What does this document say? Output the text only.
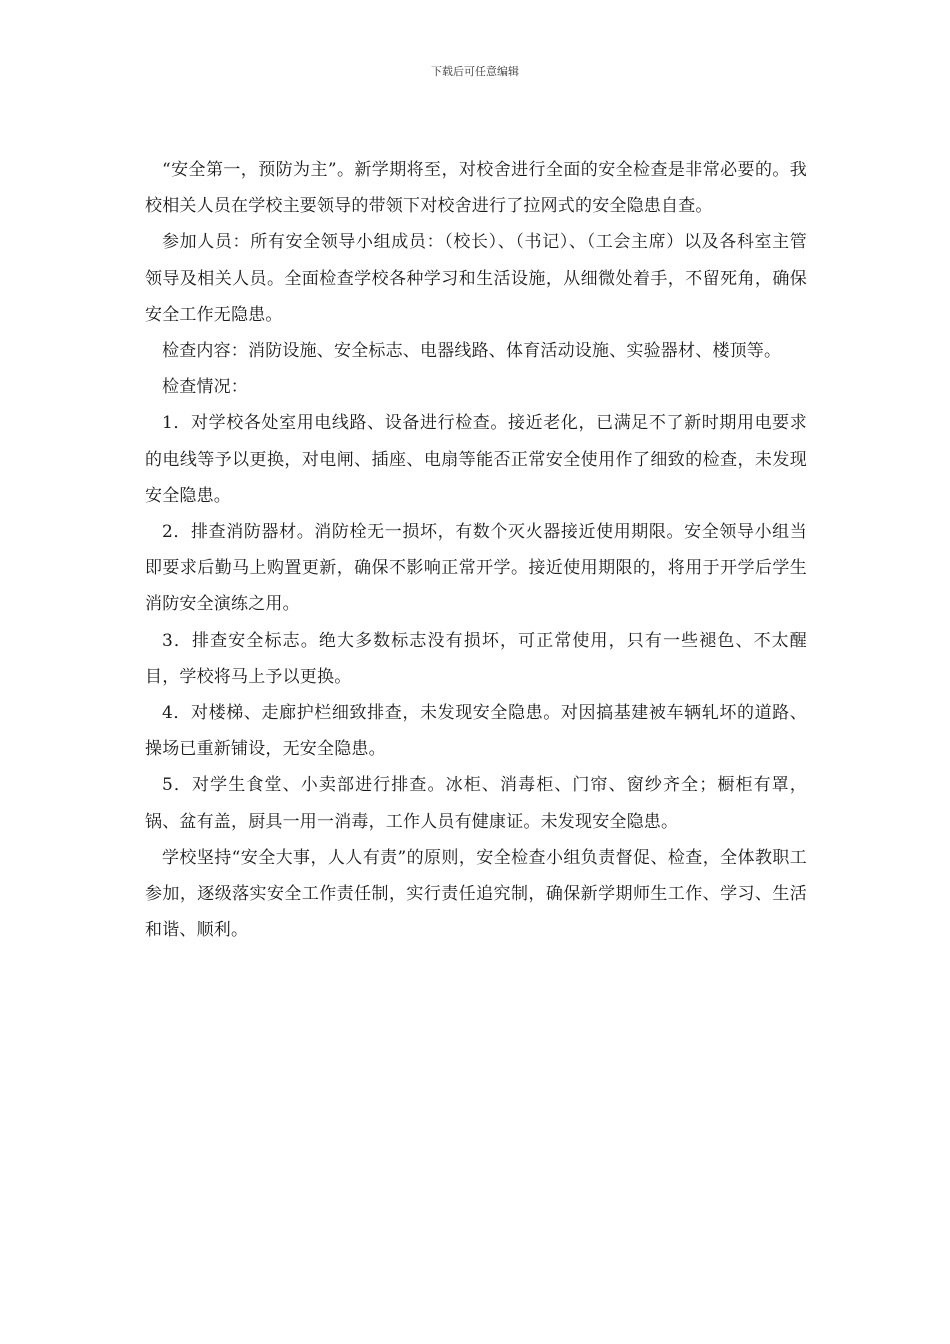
下载后可任意编辑

“安全第一，预防为主”。新学期将至，对校舍进行全面的安全检查是非常必要的。我校相关人员在学校主要领导的带领下对校舍进行了拉网式的安全隐患自查。

参加人员：所有安全领导小组成员：（校长）、（书记）、（工会主席）以及各科室主管领导及相关人员。全面检查学校各种学习和生活设施，从细微处着手，不留死角，确保安全工作无隐患。

检查内容：消防设施、安全标志、电器线路、体育活动设施、实验器材、楼顶等。

检查情况：

1．对学校各处室用电线路、设备进行检查。接近老化，已满足不了新时期用电要求的电线等予以更换，对电闸、插座、电扇等能否正常安全使用作了细致的检查，未发现安全隐患。

2．排查消防器材。消防栓无一损坏，有数个灭火器接近使用期限。安全领导小组当即要求后勤马上购置更新，确保不影响正常开学。接近使用期限的，将用于开学后学生消防安全演练之用。

3．排查安全标志。绝大多数标志没有损坏，可正常使用，只有一些褪色、不太醒目，学校将马上予以更换。

4．对楼梯、走廊护栏细致排查，未发现安全隐患。对因搞基建被车辆轧坏的道路、操场已重新铺设，无安全隐患。

5．对学生食堂、小卖部进行排查。冰柜、消毒柜、门帘、窗纱齐全；橱柜有罩，锅、盆有盖，厨具一用一消毒，工作人员有健康证。未发现安全隐患。

学校坚持“安全大事，人人有责”的原则，安全检查小组负责督促、检查，全体教职工参加，逐级落实安全工作责任制，实行责任追究制，确保新学期师生工作、学习、生活和谐、顺利。
